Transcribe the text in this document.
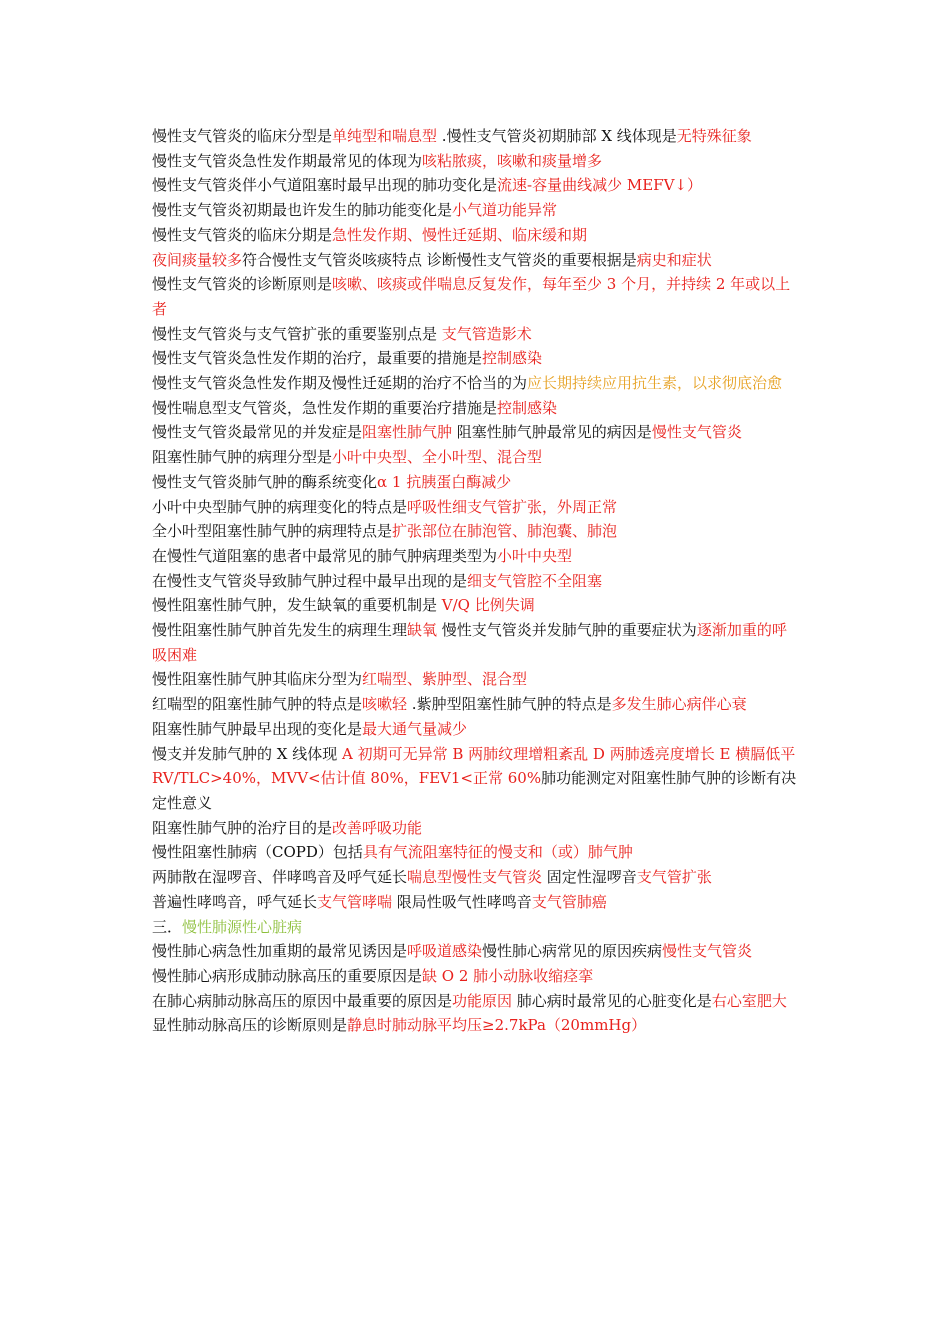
慢性支气管炎的临床分型是单纯型和喘息型 .慢性支气管炎初期肺部 X 线体现是无特殊征象

慢性支气管炎急性发作期最常见的体现为咳粘脓痰，咳嗽和痰量增多

慢性支气管炎伴小气道阻塞时最早出现的肺功变化是流速-容量曲线减少 MEFV↓）

慢性支气管炎初期最也许发生的肺功能变化是小气道功能异常

慢性支气管炎的临床分期是急性发作期、慢性迁延期、临床缓和期

夜间痰量较多符合慢性支气管炎咳痰特点 诊断慢性支气管炎的重要根据是病史和症状

慢性支气管炎的诊断原则是咳嗽、咳痰或伴喘息反复发作，每年至少 3 个月，并持续 2 年或以上者

慢性支气管炎与支气管扩张的重要鉴别点是 支气管造影术

慢性支气管炎急性发作期的治疗，最重要的措施是控制感染

慢性支气管炎急性发作期及慢性迁延期的治疗不恰当的为应长期持续应用抗生素，以求彻底治愈

慢性喘息型支气管炎，急性发作期的重要治疗措施是控制感染

慢性支气管炎最常见的并发症是阻塞性肺气肿 阻塞性肺气肿最常见的病因是慢性支气管炎

阻塞性肺气肿的病理分型是小叶中央型、全小叶型、混合型

慢性支气管炎肺气肿的酶系统变化α 1 抗胰蛋白酶减少

小叶中央型肺气肿的病理变化的特点是呼吸性细支气管扩张，外周正常

全小叶型阻塞性肺气肿的病理特点是扩张部位在肺泡管、肺泡囊、肺泡

在慢性气道阻塞的患者中最常见的肺气肿病理类型为小叶中央型

在慢性支气管炎导致肺气肿过程中最早出现的是细支气管腔不全阻塞

慢性阻塞性肺气肿，发生缺氧的重要机制是 V/Q 比例失调

慢性阻塞性肺气肿首先发生的病理生理缺氧 慢性支气管炎并发肺气肿的重要症状为逐渐加重的呼吸困难

慢性阻塞性肺气肿其临床分型为红喘型、紫肿型、混合型

红喘型的阻塞性肺气肿的特点是咳嗽轻 .紫肿型阻塞性肺气肿的特点是多发生肺心病伴心衰

阻塞性肺气肿最早出现的变化是最大通气量减少

慢支并发肺气肿的 X 线体现 A 初期可无异常 B 两肺纹理增粗紊乱 D 两肺透亮度增长 E 横膈低平

RV/TLC>40%，MVV<估计值 80%，FEV1<正常 60%肺功能测定对阻塞性肺气肿的诊断有决定性意义

阻塞性肺气肿的治疗目的是改善呼吸功能

慢性阻塞性肺病（COPD）包括具有气流阻塞特征的慢支和（或）肺气肿

两肺散在湿啰音、伴哮鸣音及呼气延长喘息型慢性支气管炎 固定性湿啰音支气管扩张

普遍性哮鸣音，呼气延长支气管哮喘 限局性吸气性哮鸣音支气管肺癌

三．慢性肺源性心脏病

慢性肺心病急性加重期的最常见诱因是呼吸道感染慢性肺心病常见的原因疾病慢性支气管炎

慢性肺心病形成肺动脉高压的重要原因是缺 O 2 肺小动脉收缩痉挛

在肺心病肺动脉高压的原因中最重要的原因是功能原因 肺心病时最常见的心脏变化是右心室肥大

显性肺动脉高压的诊断原则是静息时肺动脉平均压≥2.7kPa（20mmHg）
